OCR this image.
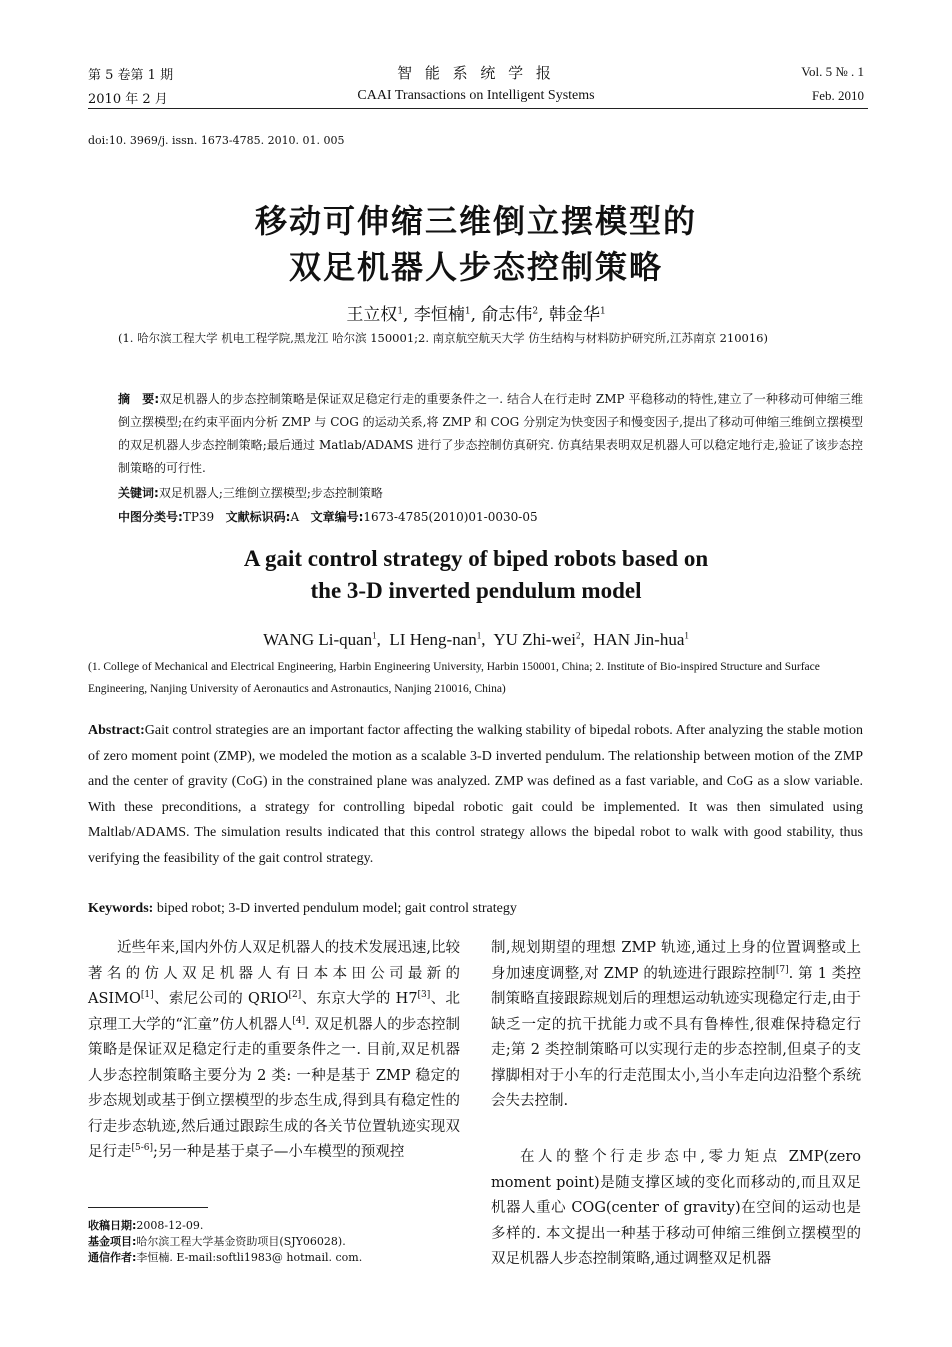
第 5 卷第 1 期
2010 年 2 月
智 能 系 统 学 报
CAAI Transactions on Intelligent Systems
Vol. 5 № . 1
Feb. 2010
doi:10. 3969/j. issn. 1673-4785. 2010. 01. 005
移动可伸缩三维倒立摆模型的
双足机器人步态控制策略
王立权$^1$, 李恒楠$^1$, 俞志伟$^2$, 韩金华$^1$
(1. 哈尔滨工程大学 机电工程学院,黑龙江 哈尔滨 150001;2. 南京航空航天大学 仿生结构与材料防护研究所,江苏南京 210016)
摘　要:双足机器人的步态控制策略是保证双足稳定行走的重要条件之一. 结合人在行走时 ZMP 平稳移动的特性,建立了一种移动可伸缩三维倒立摆模型;在约束平面内分析 ZMP 与 COG 的运动关系,将 ZMP 和 COG 分别定为快变因子和慢变因子,提出了移动可伸缩三维倒立摆模型的双足机器人步态控制策略;最后通过 Matlab/ADAMS 进行了步态控制仿真研究. 仿真结果表明双足机器人可以稳定地行走,验证了该步态控制策略的可行性.
关键词:双足机器人;三维倒立摆模型;步态控制策略
中图分类号:TP39 文献标识码:A 文章编号:1673-4785(2010)01-0030-05
A gait control strategy of biped robots based on
the 3-D inverted pendulum model
WANG Li-quan$^1$,  LI Heng-nan$^1$,  YU Zhi-wei$^2$,  HAN Jin-hua$^1$
(1. College of Mechanical and Electrical Engineering, Harbin Engineering University, Harbin 150001, China; 2. Institute of Bio-inspired Structure and Surface Engineering, Nanjing University of Aeronautics and Astronautics, Nanjing 210016, China)
Abstract:Gait control strategies are an important factor affecting the walking stability of bipedal robots. After analyzing the stable motion of zero moment point (ZMP), we modeled the motion as a scalable 3-D inverted pendulum. The relationship between motion of the ZMP and the center of gravity (CoG) in the constrained plane was analyzed. ZMP was defined as a fast variable, and CoG as a slow variable. With these preconditions, a strategy for controlling bipedal robotic gait could be implemented. It was then simulated using Maltlab/ADAMS. The simulation results indicated that this control strategy allows the bipedal robot to walk with good stability, thus verifying the feasibility of the gait control strategy.
Keywords: biped robot; 3-D inverted pendulum model; gait control strategy
近些年来,国内外仿人双足机器人的技术发展迅速,比较著名的仿人双足机器人有日本本田公司最新的 ASIMO[1]、索尼公司的 QRIO[2]、东京大学的 H7[3]、北京理工大学的“汇童”仿人机器人[4]. 双足机器人的步态控制策略是保证双足稳定行走的重要条件之一. 目前,双足机器人步态控制策略主要分为 2 类: 一种是基于 ZMP 稳定的步态规划或基于倒立摆模型的步态生成,得到具有稳定性的行走步态轨迹,然后通过跟踪生成的各关节位置轨迹实现双足行走[5-6];另一种是基于桌子—小车模型的预观控
收稿日期:2008-12-09.
基金项目:哈尔滨工程大学基金资助项目(SJY06028).
通信作者:李恒楠. E-mail:softli1983@ hotmail. com.
制,规划期望的理想 ZMP 轨迹,通过上身的位置调整或上身加速度调整,对 ZMP 的轨迹进行跟踪控制[7]. 第 1 类控制策略直接跟踪规划后的理想运动轨迹实现稳定行走,由于缺乏一定的抗干扰能力或不具有鲁棒性,很难保持稳定行走;第 2 类控制策略可以实现行走的步态控制,但桌子的支撑脚相对于小车的行走范围太小,当小车走向边沿整个系统会失去控制.
在人的整个行走步态中,零力矩点 ZMP(zero moment point)是随支撑区域的变化而移动的,而且双足机器人重心 COG(center of gravity)在空间的运动也是多样的. 本文提出一种基于移动可伸缩三维倒立摆模型的双足机器人步态控制策略,通过调整双足机器
